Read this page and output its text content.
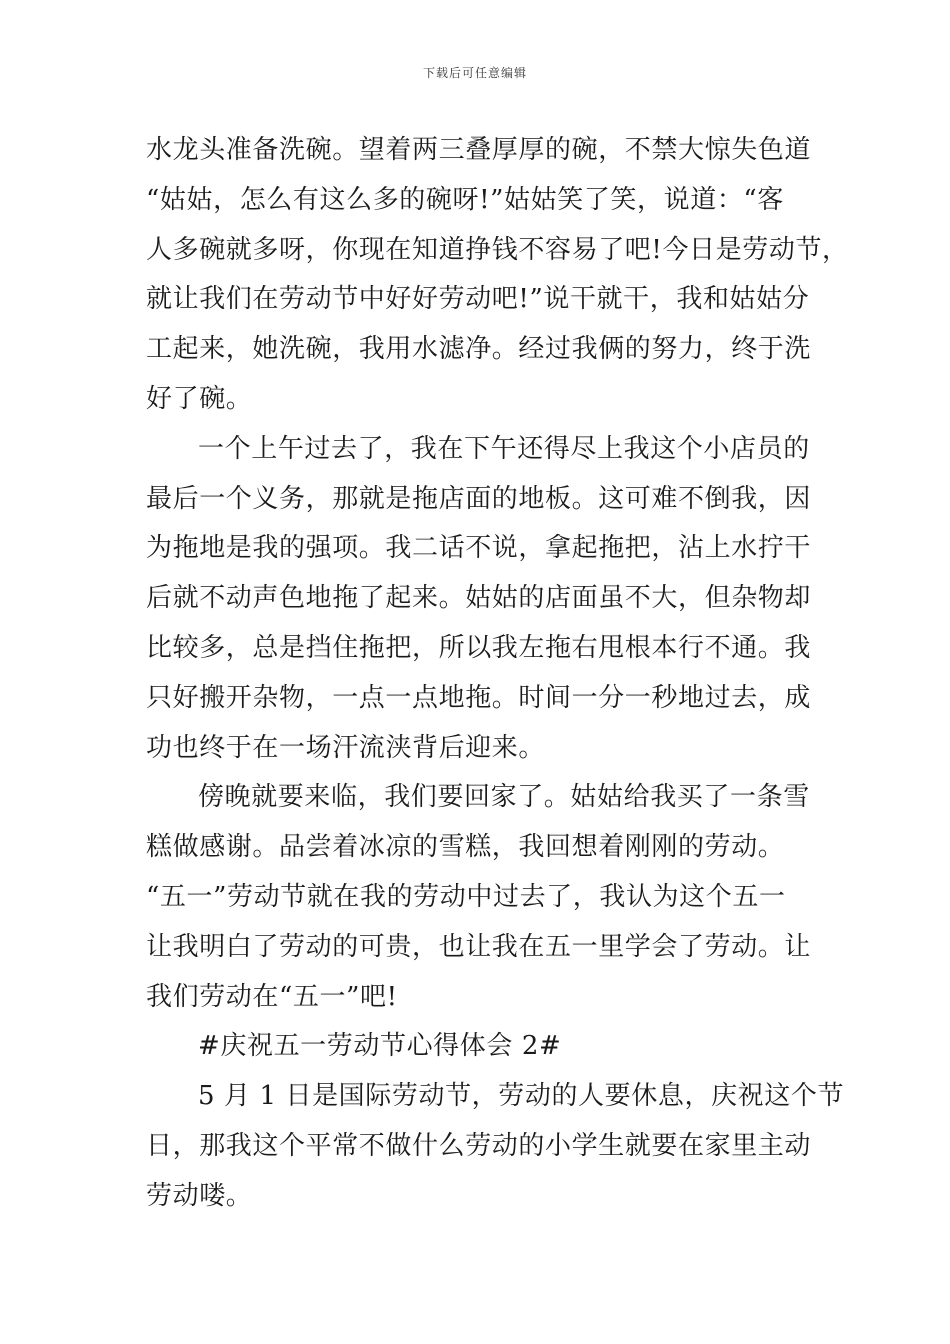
下载后可任意编辑
水龙头准备洗碗。望着两三叠厚厚的碗，不禁大惊失色道
“姑姑，怎么有这么多的碗呀!”姑姑笑了笑，说道：“客
人多碗就多呀，你现在知道挣钱不容易了吧!今日是劳动节，
就让我们在劳动节中好好劳动吧!”说干就干，我和姑姑分
工起来，她洗碗，我用水滤净。经过我俩的努力，终于洗
好了碗。
一个上午过去了，我在下午还得尽上我这个小店员的
最后一个义务，那就是拖店面的地板。这可难不倒我，因
为拖地是我的强项。我二话不说，拿起拖把，沾上水拧干
后就不动声色地拖了起来。姑姑的店面虽不大，但杂物却
比较多，总是挡住拖把，所以我左拖右甩根本行不通。我
只好搬开杂物，一点一点地拖。时间一分一秒地过去，成
功也终于在一场汗流浃背后迎来。
傍晚就要来临，我们要回家了。姑姑给我买了一条雪
糕做感谢。品尝着冰凉的雪糕，我回想着刚刚的劳动。
“五一”劳动节就在我的劳动中过去了，我认为这个五一
让我明白了劳动的可贵，也让我在五一里学会了劳动。让
我们劳动在“五一”吧!
#庆祝五一劳动节心得体会 2#
5 月 1 日是国际劳动节，劳动的人要休息，庆祝这个节
日，那我这个平常不做什么劳动的小学生就要在家里主动
劳动喽。
